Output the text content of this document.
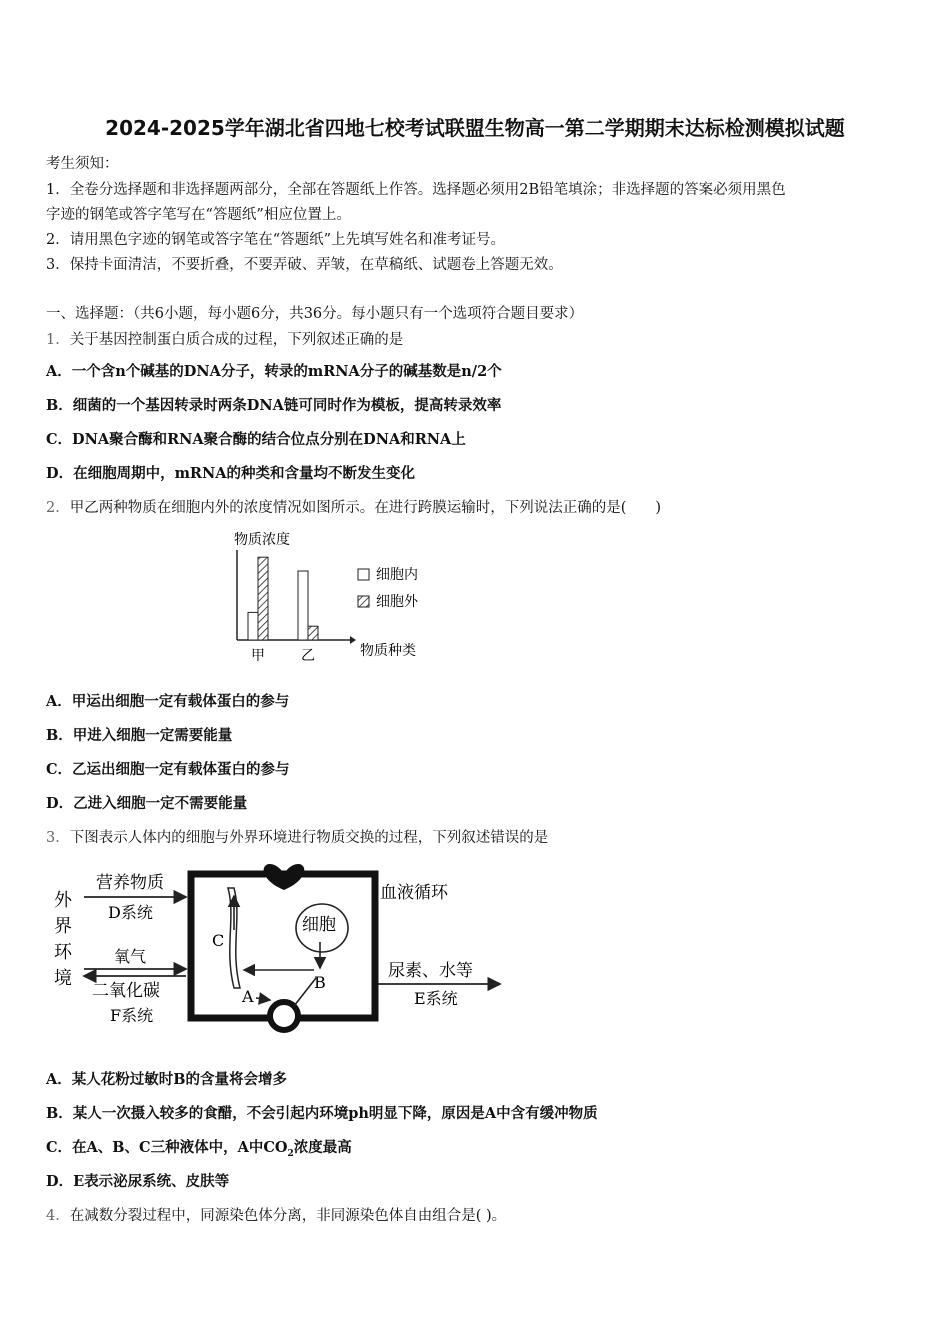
2024-2025学年湖北省四地七校考试联盟生物高一第二学期期末达标检测模拟试题
考生须知：
1．全卷分选择题和非选择题两部分，全部在答题纸上作答。选择题必须用2B铅笔填涂；非选择题的答案必须用黑色
字迹的钢笔或答字笔写在“答题纸”相应位置上。
2．请用黑色字迹的钢笔或答字笔在“答题纸”上先填写姓名和准考证号。
3．保持卡面清洁，不要折叠，不要弄破、弄皱，在草稿纸、试题卷上答题无效。
一、选择题：（共6小题，每小题6分，共36分。每小题只有一个选项符合题目要求）
1．关于基因控制蛋白质合成的过程，下列叙述正确的是
A．一个含n个碱基的DNA分子，转录的mRNA分子的碱基数是n/2个
B．细菌的一个基因转录时两条DNA链可同时作为模板，提高转录效率
C．DNA聚合酶和RNA聚合酶的结合位点分别在DNA和RNA上
D．在细胞周期中，mRNA的种类和含量均不断发生变化
2．甲乙两种物质在细胞内外的浓度情况如图所示。在进行跨膜运输时，下列说法正确的是(　　)
物质浓度
甲	乙	物质种类
细胞内
细胞外
A．甲运出细胞一定有载体蛋白的参与
B．甲进入细胞一定需要能量
C．乙运出细胞一定有载体蛋白的参与
D．乙进入细胞一定不需要能量
3．下图表示人体内的细胞与外界环境进行物质交换的过程，下列叙述错误的是
外
界
环
境
营养物质
D系统
氧气
二氧化碳
F系统
血液循环
C
细胞
B
A
尿素、水等
E系统
A．某人花粉过敏时B的含量将会增多
B．某人一次摄入较多的食醋，不会引起内环境ph明显下降，原因是A中含有缓冲物质
C．在A、B、C三种液体中，A中$CO_2$浓度最高
D．E表示泌尿系统、皮肤等
4．在减数分裂过程中，同源染色体分离，非同源染色体自由组合是( )。
